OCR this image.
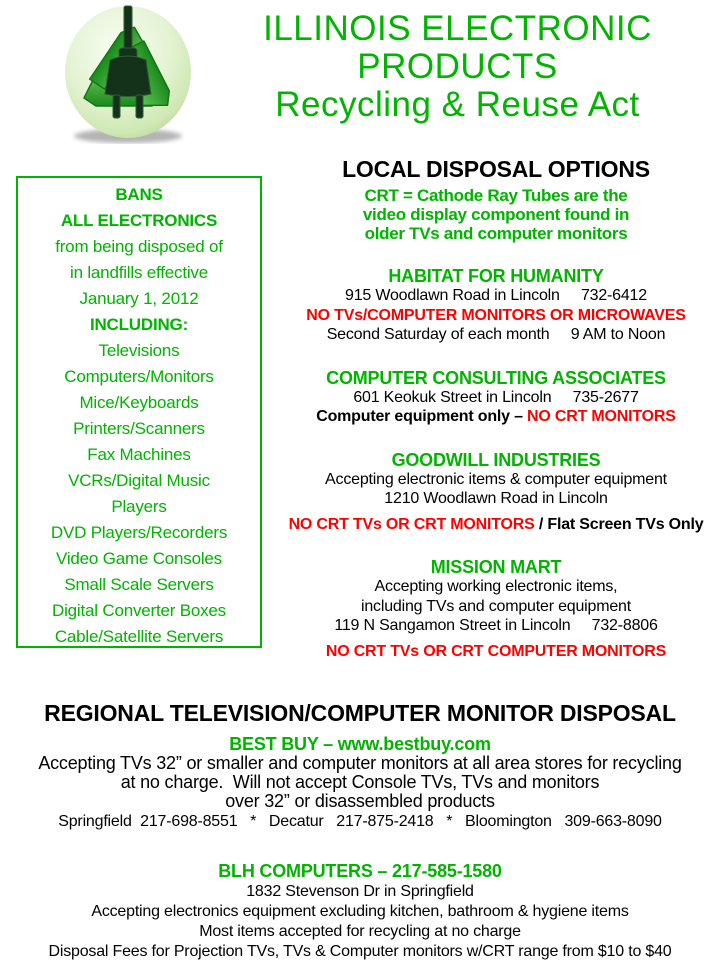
ILLINOIS ELECTRONIC
PRODUCTS
Recycling & Reuse Act
BANS
ALL ELECTRONICS
from being disposed of
in landfills effective
January 1, 2012
INCLUDING:
Televisions
Computers/Monitors
Mice/Keyboards
Printers/Scanners
Fax Machines
VCRs/Digital Music Players
DVD Players/Recorders
Video Game Consoles
Small Scale Servers
Digital Converter Boxes
Cable/Satellite Servers
LOCAL DISPOSAL OPTIONS
CRT = Cathode Ray Tubes are the
video display component found in
older TVs and computer monitors
HABITAT FOR HUMANITY
915 Woodlawn Road in Lincoln     732-6412
NO TVs/COMPUTER MONITORS OR MICROWAVES
Second Saturday of each month     9 AM to Noon
COMPUTER CONSULTING ASSOCIATES
601 Keokuk Street in Lincoln     735-2677
Computer equipment only – NO CRT MONITORS
GOODWILL INDUSTRIES
Accepting electronic items & computer equipment
1210 Woodlawn Road in Lincoln
NO CRT TVs OR CRT MONITORS / Flat Screen TVs Only
MISSION MART
Accepting working electronic items,
including TVs and computer equipment
119 N Sangamon Street in Lincoln     732-8806
NO CRT TVs OR CRT COMPUTER MONITORS
REGIONAL TELEVISION/COMPUTER MONITOR DISPOSAL
BEST BUY – www.bestbuy.com
Accepting TVs 32” or smaller and computer monitors at all area stores for recycling
at no charge.  Will not accept Console TVs, TVs and monitors
over 32” or disassembled products
Springfield  217-698-8551   *   Decatur   217-875-2418   *   Bloomington   309-663-8090
BLH COMPUTERS – 217-585-1580
1832 Stevenson Dr in Springfield
Accepting electronics equipment excluding kitchen, bathroom & hygiene items
Most items accepted for recycling at no charge
Disposal Fees for Projection TVs, TVs & Computer monitors w/CRT range from $10 to $40
